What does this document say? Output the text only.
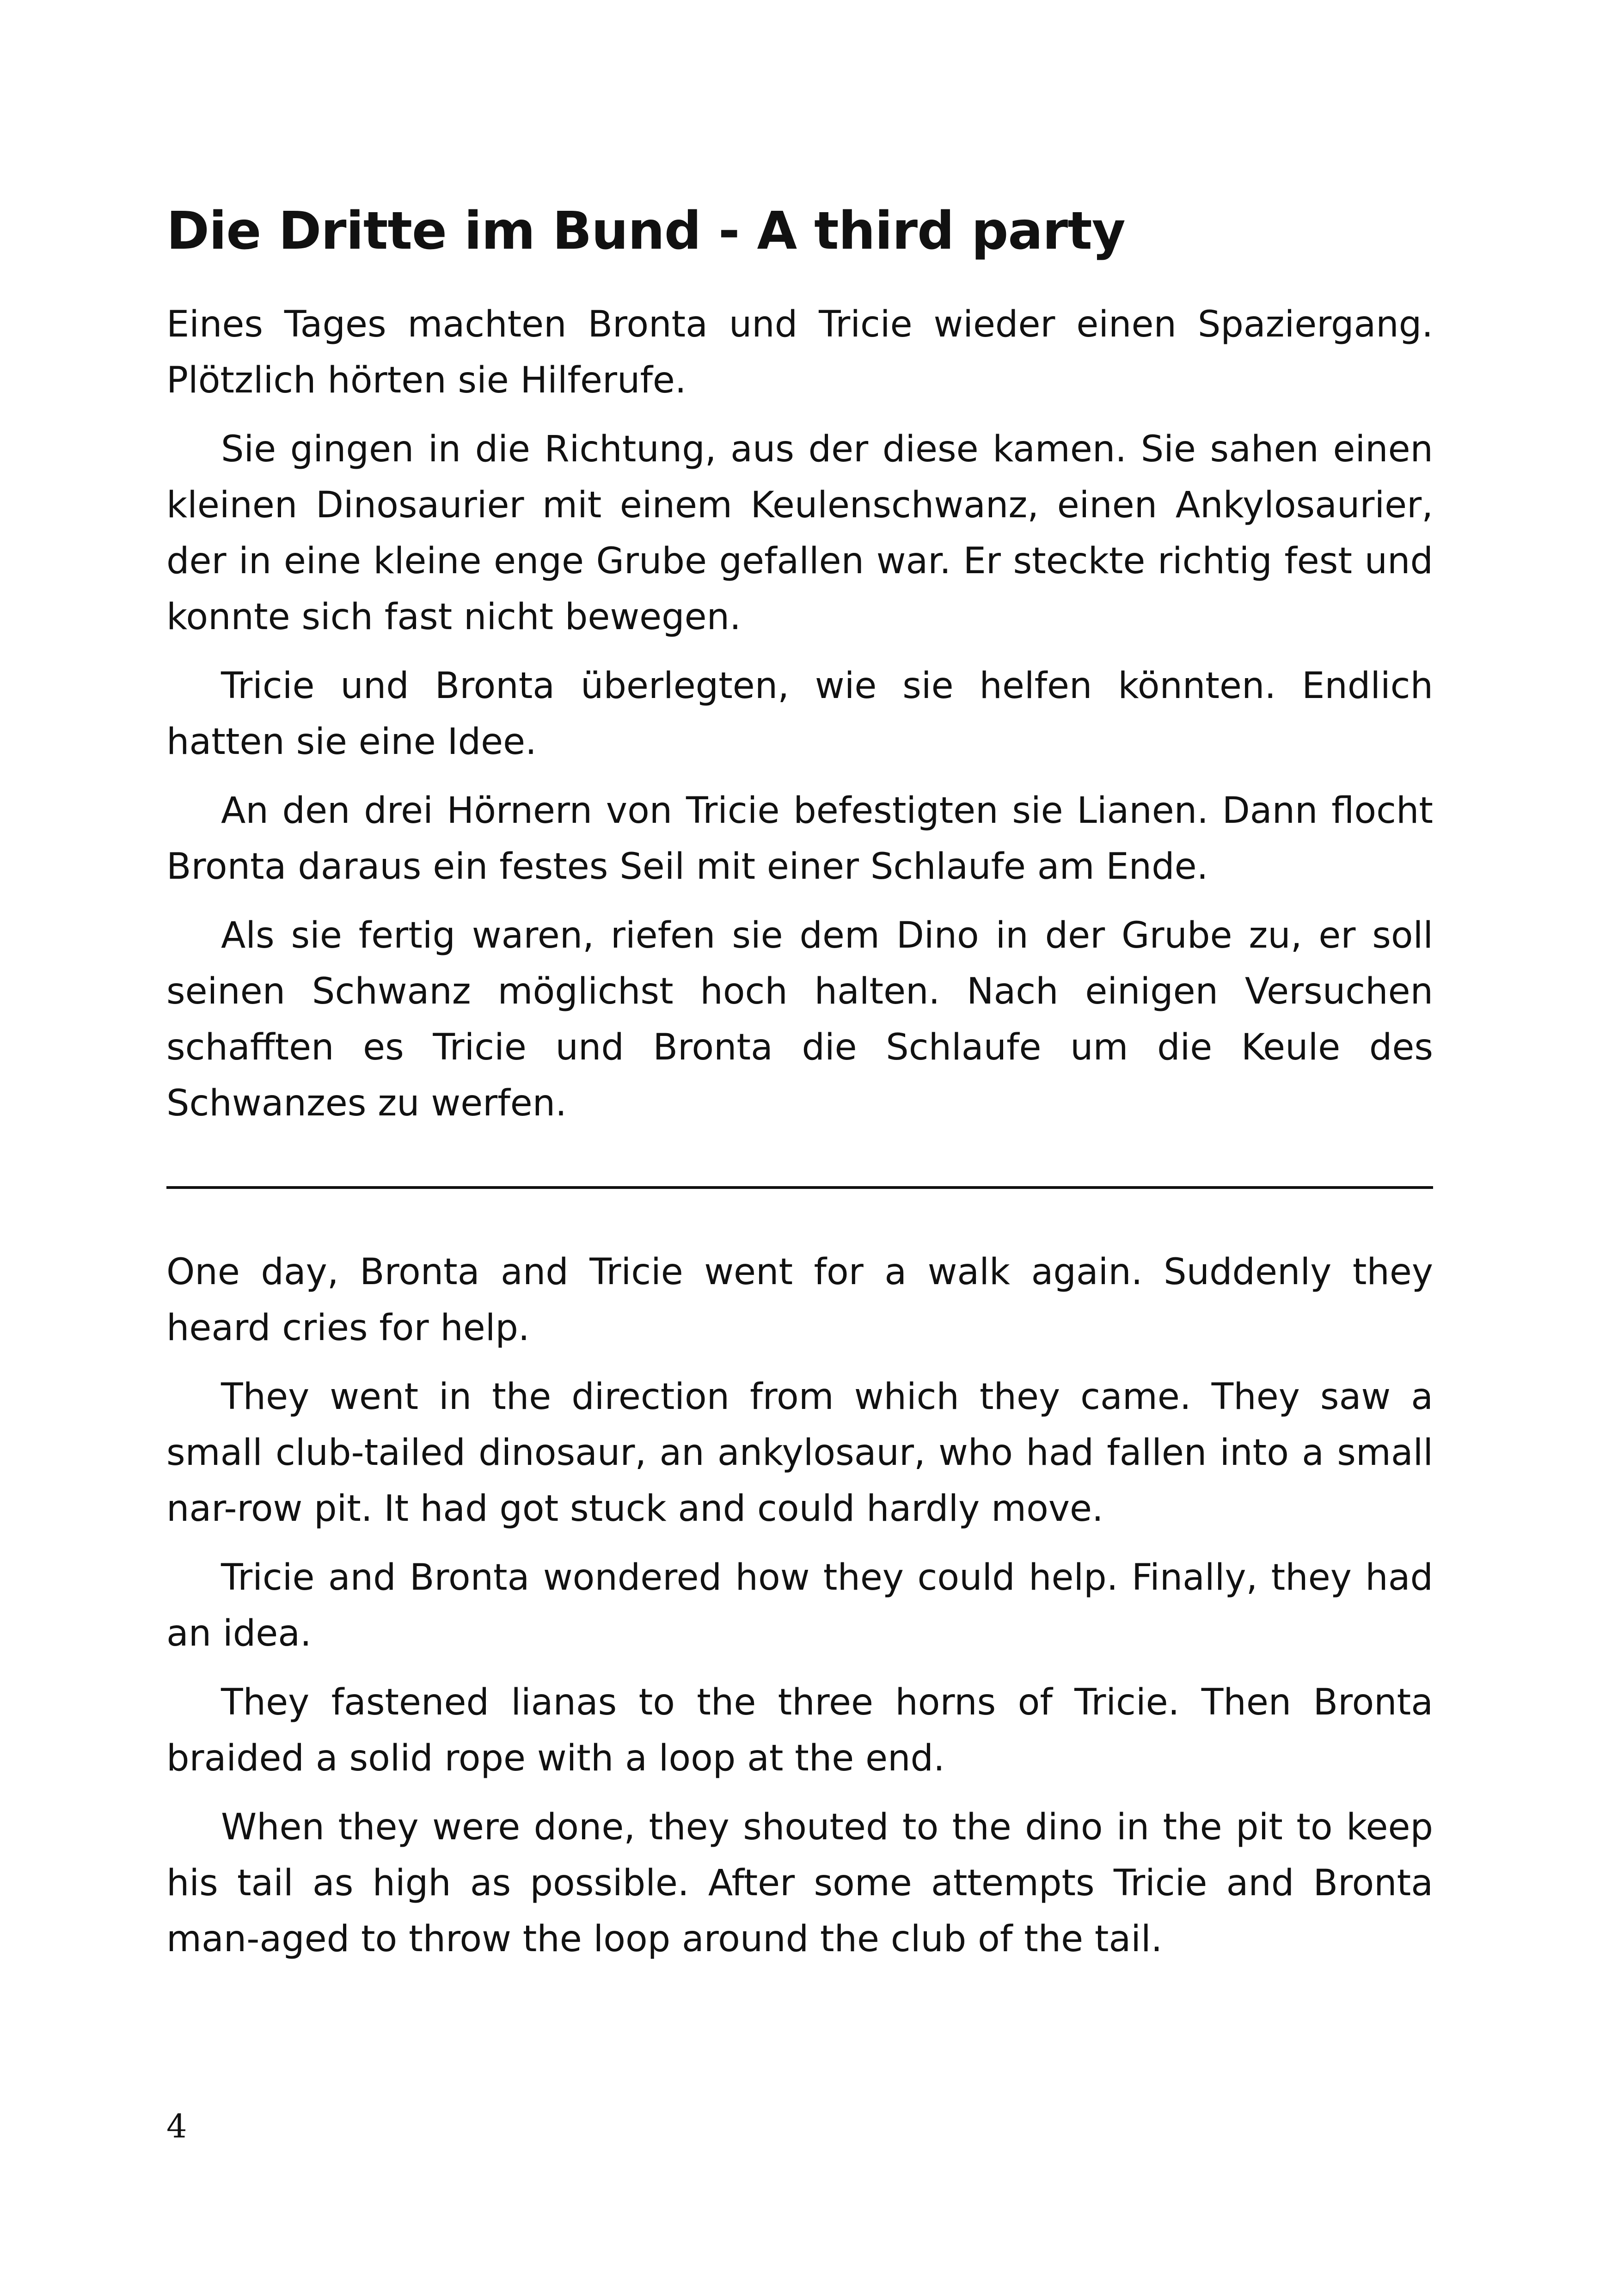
Die Dritte im Bund - A third party

Eines Tages machten Bronta und Tricie wieder einen Spaziergang. Plötzlich hörten sie Hilferufe.

Sie gingen in die Richtung, aus der diese kamen. Sie sahen einen kleinen Dinosaurier mit einem Keulenschwanz, einen Ankylosaurier, der in eine kleine enge Grube gefallen war. Er steckte richtig fest und konnte sich fast nicht bewegen.

Tricie und Bronta überlegten, wie sie helfen könnten. Endlich hatten sie eine Idee.

An den drei Hörnern von Tricie befestigten sie Lianen. Dann flocht Bronta daraus ein festes Seil mit einer Schlaufe am Ende.

Als sie fertig waren, riefen sie dem Dino in der Grube zu, er soll seinen Schwanz möglichst hoch halten. Nach einigen Versuchen schafften es Tricie und Bronta die Schlaufe um die Keule des Schwanzes zu werfen.

One day, Bronta and Tricie went for a walk again. Suddenly they heard cries for help.

They went in the direction from which they came. They saw a small club-tailed dinosaur, an ankylosaur, who had fallen into a small nar-row pit. It had got stuck and could hardly move.

Tricie and Bronta wondered how they could help. Finally, they had an idea.

They fastened lianas to the three horns of Tricie. Then Bronta braided a solid rope with a loop at the end.

When they were done, they shouted to the dino in the pit to keep his tail as high as possible. After some attempts Tricie and Bronta man-aged to throw the loop around the club of the tail.

4
